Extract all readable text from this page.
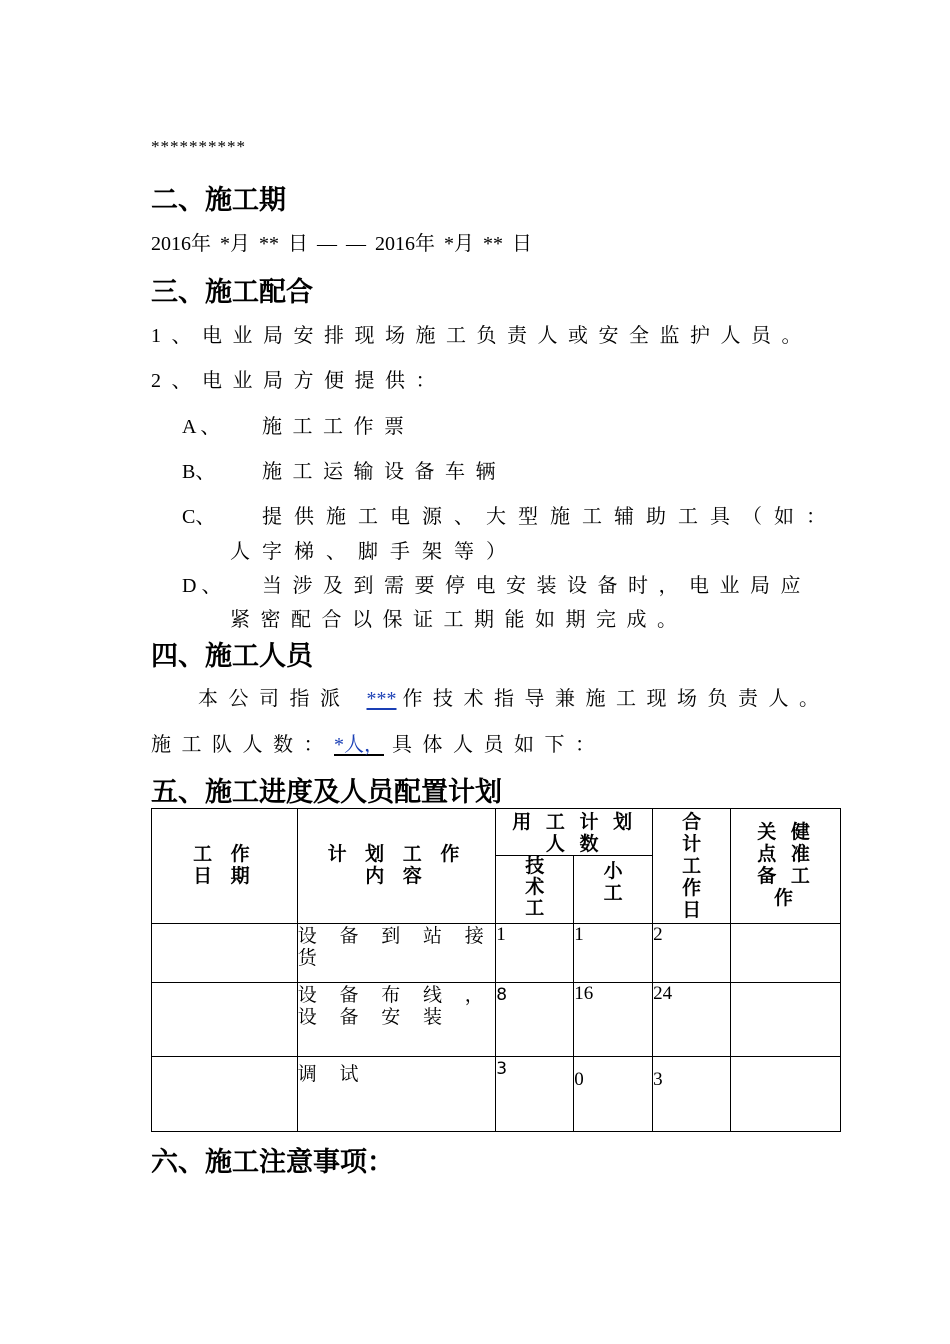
**********
二、施工期
2016年 *月 ** 日 — — 2016年 *月 ** 日
三、施工配合
1、电业局安排现场施工负责人或安全监护人员。
2、电业局方便提供：
A 、 施工工作票
B、 施工运输设备车辆
C、 提供施工电源、大型施工辅助工具（如：
人字梯、脚手架等）
D 、 当涉及到需要停电安装设备时，电业局应
紧密配合以保证工期能如期完成。
四、施工人员
本公司指派 *** 作技术指导兼施工现场负责人。
施工队人数：*人， 具体人员如下：
五、施工进度及人员配置计划
工 作 日 期	计 划 工 作 内 容	用 工 计 划 人 数		合 计 工 作 日	关 健 点 准 备 工 作
		技 术 工	小 工		
	设 备 到 站 接 货	1	1	2	
	设 备 布 线 ， 设 备 安 装	8	16	24	
	调 试	3	0	3	
六、施工注意事项：
